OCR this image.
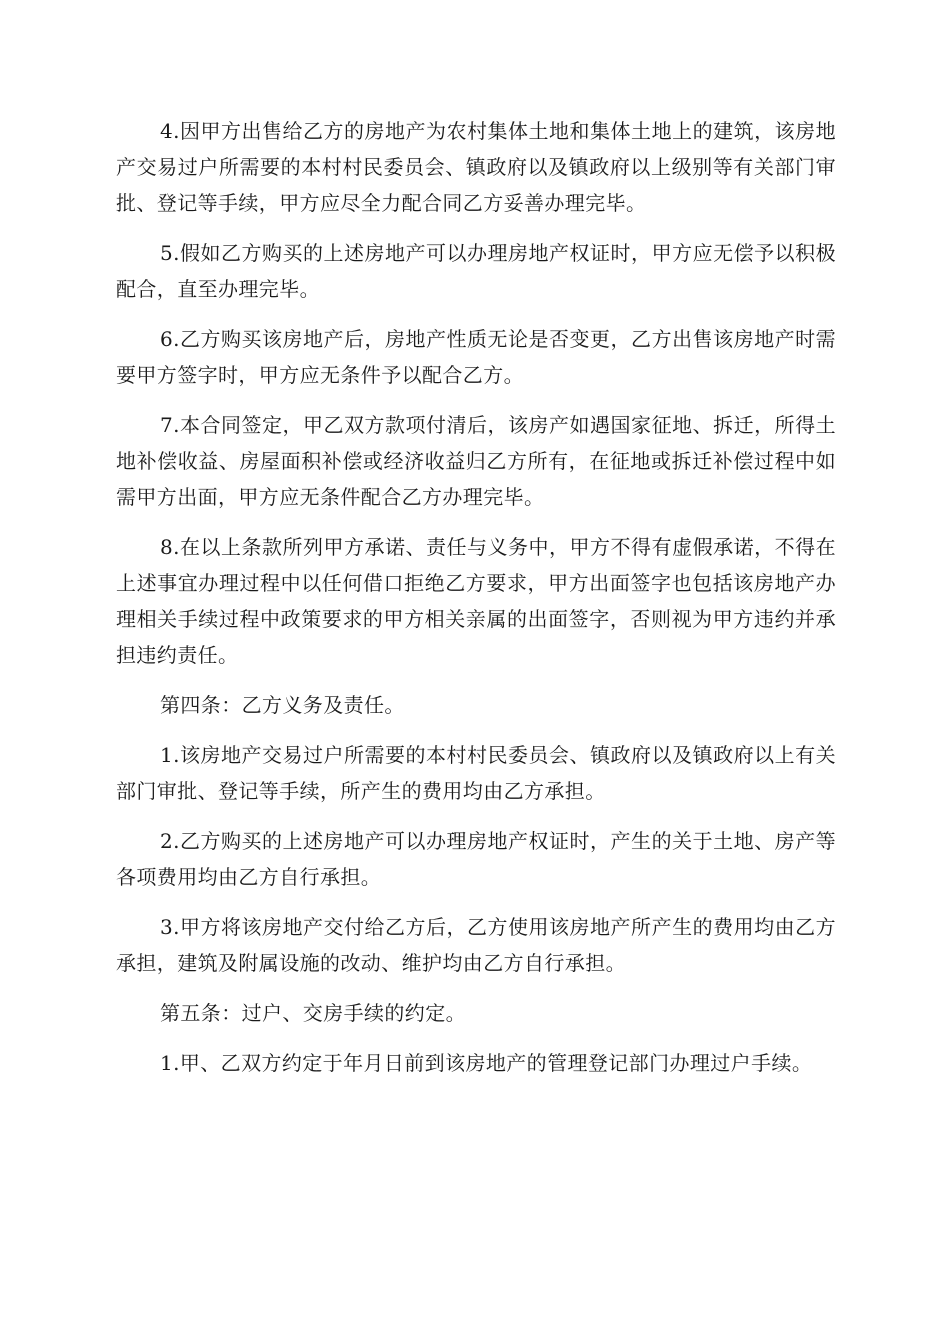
4.因甲方出售给乙方的房地产为农村集体土地和集体土地上的建筑，该房地产交易过户所需要的本村村民委员会、镇政府以及镇政府以上级别等有关部门审批、登记等手续，甲方应尽全力配合同乙方妥善办理完毕。

5.假如乙方购买的上述房地产可以办理房地产权证时，甲方应无偿予以积极配合，直至办理完毕。

6.乙方购买该房地产后，房地产性质无论是否变更，乙方出售该房地产时需要甲方签字时，甲方应无条件予以配合乙方。

7.本合同签定，甲乙双方款项付清后，该房产如遇国家征地、拆迁，所得土地补偿收益、房屋面积补偿或经济收益归乙方所有，在征地或拆迁补偿过程中如需甲方出面，甲方应无条件配合乙方办理完毕。

8.在以上条款所列甲方承诺、责任与义务中，甲方不得有虚假承诺，不得在上述事宜办理过程中以任何借口拒绝乙方要求，甲方出面签字也包括该房地产办理相关手续过程中政策要求的甲方相关亲属的出面签字，否则视为甲方违约并承担违约责任。

第四条：乙方义务及责任。

1.该房地产交易过户所需要的本村村民委员会、镇政府以及镇政府以上有关部门审批、登记等手续，所产生的费用均由乙方承担。

2.乙方购买的上述房地产可以办理房地产权证时，产生的关于土地、房产等各项费用均由乙方自行承担。

3.甲方将该房地产交付给乙方后，乙方使用该房地产所产生的费用均由乙方承担，建筑及附属设施的改动、维护均由乙方自行承担。

第五条：过户、交房手续的约定。

1.甲、乙双方约定于年月日前到该房地产的管理登记部门办理过户手续。
